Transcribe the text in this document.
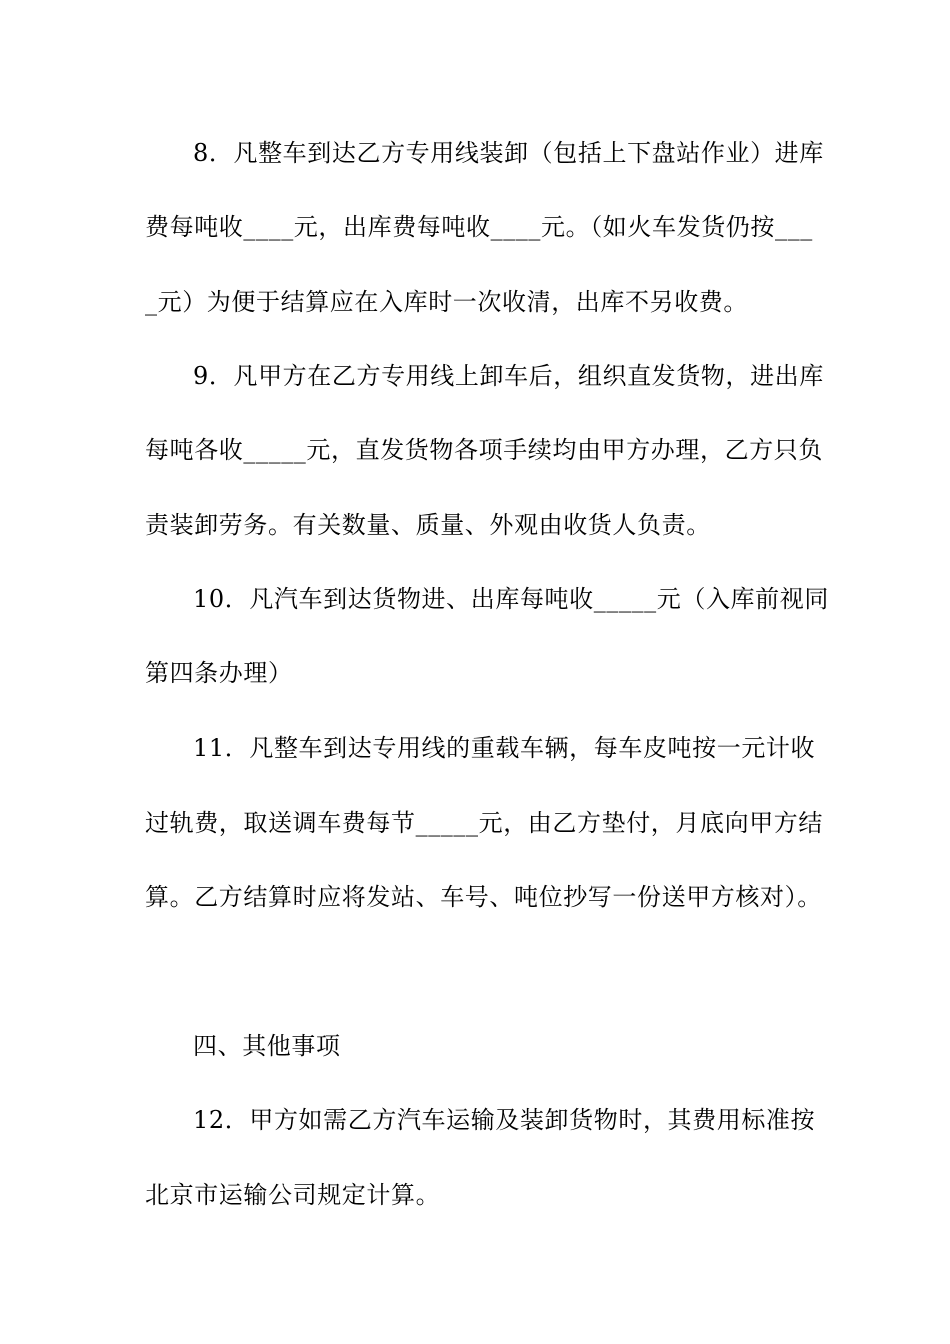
8．凡整车到达乙方专用线装卸（包括上下盘站作业）进库
费每吨收____元，出库费每吨收____元。（如火车发货仍按___
_元）为便于结算应在入库时一次收清，出库不另收费。
9．凡甲方在乙方专用线上卸车后，组织直发货物，进出库
每吨各收_____元，直发货物各项手续均由甲方办理，乙方只负
责装卸劳务。有关数量、质量、外观由收货人负责。
10．凡汽车到达货物进、出库每吨收_____元（入库前视同
第四条办理）
11．凡整车到达专用线的重载车辆，每车皮吨按一元计收
过轨费，取送调车费每节_____元，由乙方垫付，月底向甲方结
算。乙方结算时应将发站、车号、吨位抄写一份送甲方核对）。
四、其他事项
12．甲方如需乙方汽车运输及装卸货物时，其费用标准按
北京市运输公司规定计算。
